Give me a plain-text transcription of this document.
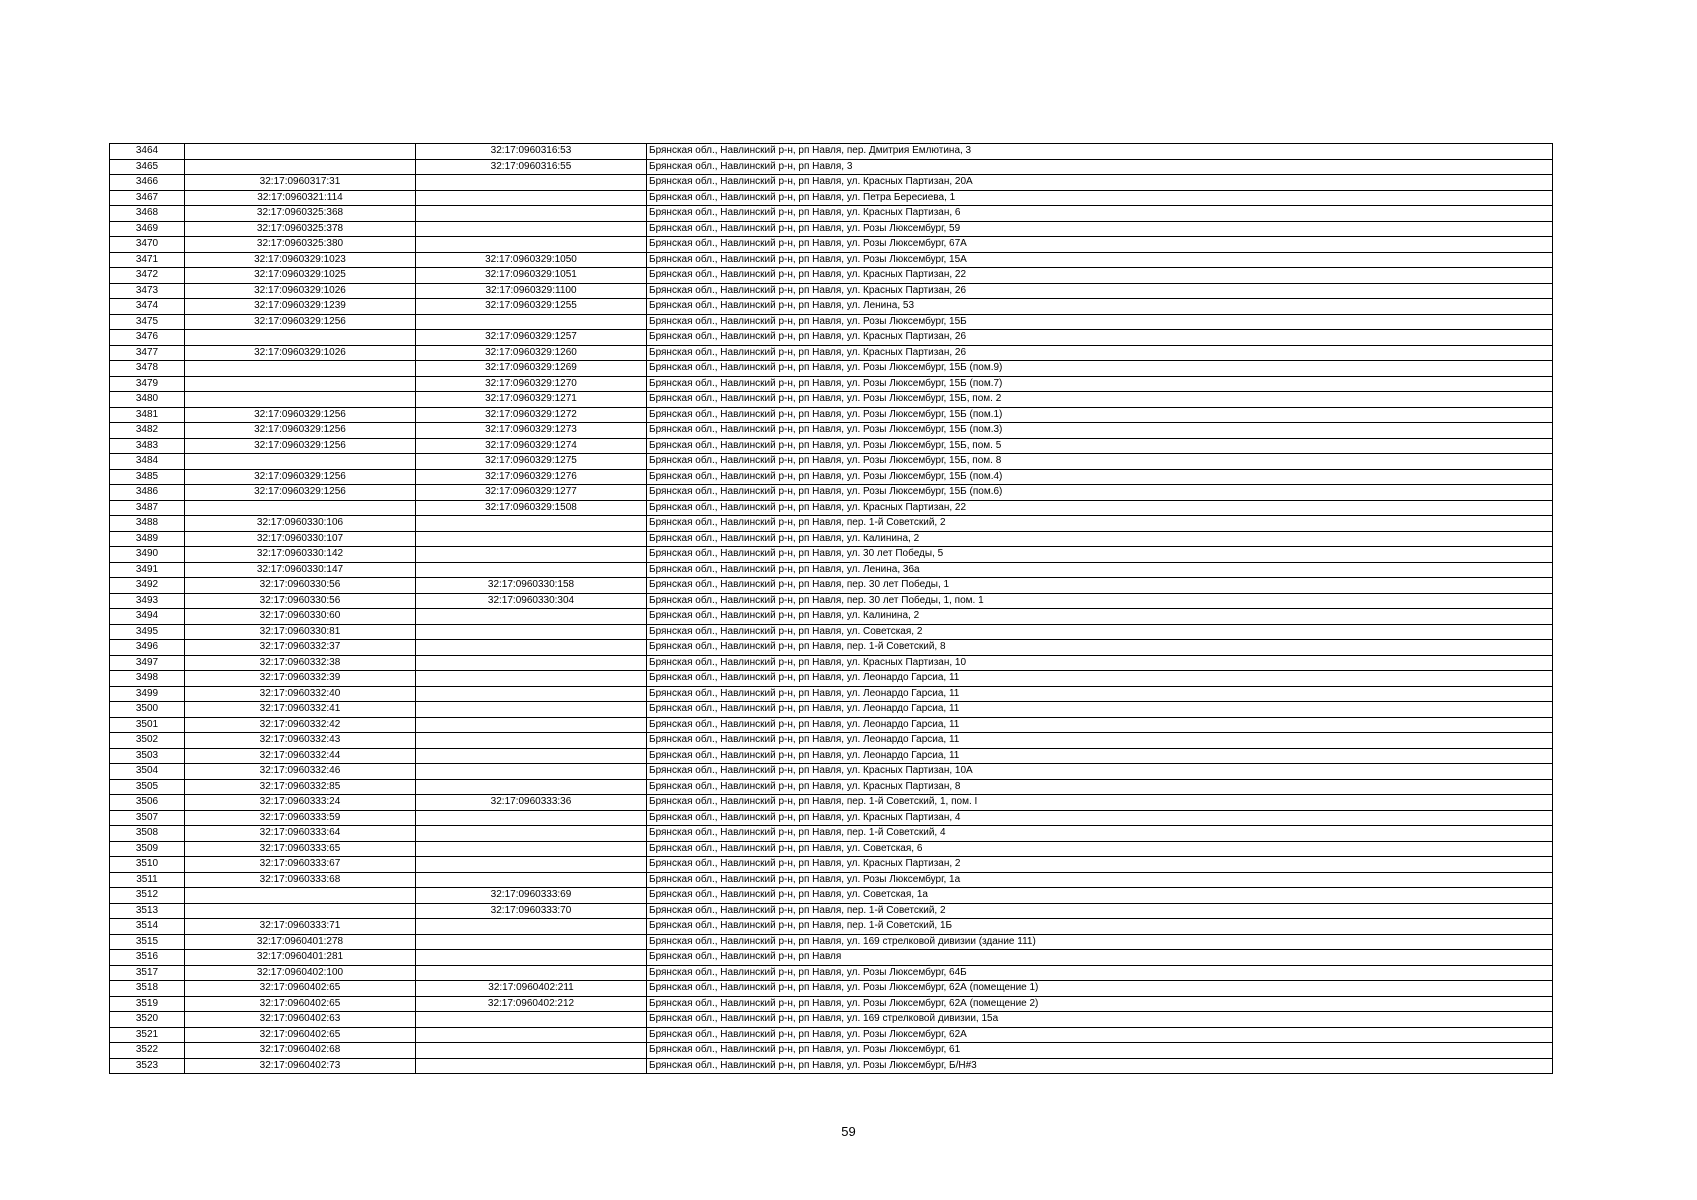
3464		32:17:0960316:53	Брянская обл., Навлинский р-н, рп Навля, пер. Дмитрия Емлютина, 3
3465		32:17:0960316:55	Брянская обл., Навлинский р-н, рп Навля, 3
3466	32:17:0960317:31		Брянская обл., Навлинский р-н, рп Навля, ул. Красных Партизан, 20А
3467	32:17:0960321:114		Брянская обл., Навлинский р-н, рп Навля, ул. Петра Бересиева, 1
3468	32:17:0960325:368		Брянская обл., Навлинский р-н, рп Навля, ул. Красных Партизан, 6
3469	32:17:0960325:378		Брянская обл., Навлинский р-н, рп Навля, ул. Розы Люксембург, 59
3470	32:17:0960325:380		Брянская обл., Навлинский р-н, рп Навля, ул. Розы Люксембург, 67А
3471	32:17:0960329:1023	32:17:0960329:1050	Брянская обл., Навлинский р-н, рп Навля, ул. Розы Люксембург, 15А
3472	32:17:0960329:1025	32:17:0960329:1051	Брянская обл., Навлинский р-н, рп Навля, ул. Красных Партизан, 22
3473	32:17:0960329:1026	32:17:0960329:1100	Брянская обл., Навлинский р-н, рп Навля, ул. Красных Партизан, 26
3474	32:17:0960329:1239	32:17:0960329:1255	Брянская обл., Навлинский р-н, рп Навля, ул. Ленина, 53
3475	32:17:0960329:1256		Брянская обл., Навлинский р-н, рп Навля, ул. Розы Люксембург, 15Б
3476		32:17:0960329:1257	Брянская обл., Навлинский р-н, рп Навля, ул. Красных Партизан, 26
3477	32:17:0960329:1026	32:17:0960329:1260	Брянская обл., Навлинский р-н, рп Навля, ул. Красных Партизан, 26
3478		32:17:0960329:1269	Брянская обл., Навлинский р-н, рп Навля, ул. Розы Люксембург, 15Б (пом.9)
3479		32:17:0960329:1270	Брянская обл., Навлинский р-н, рп Навля, ул. Розы Люксембург, 15Б (пом.7)
3480		32:17:0960329:1271	Брянская обл., Навлинский р-н, рп Навля, ул. Розы Люксембург, 15Б, пом. 2
3481	32:17:0960329:1256	32:17:0960329:1272	Брянская обл., Навлинский р-н, рп Навля, ул. Розы Люксембург, 15Б (пом.1)
3482	32:17:0960329:1256	32:17:0960329:1273	Брянская обл., Навлинский р-н, рп Навля, ул. Розы Люксембург, 15Б (пом.3)
3483	32:17:0960329:1256	32:17:0960329:1274	Брянская обл., Навлинский р-н, рп Навля, ул. Розы Люксембург, 15Б, пом. 5
3484		32:17:0960329:1275	Брянская обл., Навлинский р-н, рп Навля, ул. Розы Люксембург, 15Б, пом. 8
3485	32:17:0960329:1256	32:17:0960329:1276	Брянская обл., Навлинский р-н, рп Навля, ул. Розы Люксембург, 15Б (пом.4)
3486	32:17:0960329:1256	32:17:0960329:1277	Брянская обл., Навлинский р-н, рп Навля, ул. Розы Люксембург, 15Б (пом.6)
3487		32:17:0960329:1508	Брянская обл., Навлинский р-н, рп Навля, ул. Красных Партизан, 22
3488	32:17:0960330:106		Брянская обл., Навлинский р-н, рп Навля, пер. 1-й Советский, 2
3489	32:17:0960330:107		Брянская обл., Навлинский р-н, рп Навля, ул. Калинина, 2
3490	32:17:0960330:142		Брянская обл., Навлинский р-н, рп Навля, ул. 30 лет Победы, 5
3491	32:17:0960330:147		Брянская обл., Навлинский р-н, рп Навля, ул. Ленина, 36а
3492	32:17:0960330:56	32:17:0960330:158	Брянская обл., Навлинский р-н, рп Навля, пер. 30 лет Победы, 1
3493	32:17:0960330:56	32:17:0960330:304	Брянская обл., Навлинский р-н, рп Навля, пер. 30 лет Победы, 1, пом. 1
3494	32:17:0960330:60		Брянская обл., Навлинский р-н, рп Навля, ул. Калинина, 2
3495	32:17:0960330:81		Брянская обл., Навлинский р-н, рп Навля, ул. Советская, 2
3496	32:17:0960332:37		Брянская обл., Навлинский р-н, рп Навля, пер. 1-й Советский, 8
3497	32:17:0960332:38		Брянская обл., Навлинский р-н, рп Навля, ул. Красных Партизан, 10
3498	32:17:0960332:39		Брянская обл., Навлинский р-н, рп Навля, ул. Леонардо Гарсиа, 11
3499	32:17:0960332:40		Брянская обл., Навлинский р-н, рп Навля, ул. Леонардо Гарсиа, 11
3500	32:17:0960332:41		Брянская обл., Навлинский р-н, рп Навля, ул. Леонардо Гарсиа, 11
3501	32:17:0960332:42		Брянская обл., Навлинский р-н, рп Навля, ул. Леонардо Гарсиа, 11
3502	32:17:0960332:43		Брянская обл., Навлинский р-н, рп Навля, ул. Леонардо Гарсиа, 11
3503	32:17:0960332:44		Брянская обл., Навлинский р-н, рп Навля, ул. Леонардо Гарсиа, 11
3504	32:17:0960332:46		Брянская обл., Навлинский р-н, рп Навля, ул. Красных Партизан, 10А
3505	32:17:0960332:85		Брянская обл., Навлинский р-н, рп Навля, ул. Красных Партизан, 8
3506	32:17:0960333:24	32:17:0960333:36	Брянская обл., Навлинский р-н, рп Навля, пер. 1-й Советский, 1, пом. I
3507	32:17:0960333:59		Брянская обл., Навлинский р-н, рп Навля, ул. Красных Партизан, 4
3508	32:17:0960333:64		Брянская обл., Навлинский р-н, рп Навля, пер. 1-й Советский, 4
3509	32:17:0960333:65		Брянская обл., Навлинский р-н, рп Навля, ул. Советская, 6
3510	32:17:0960333:67		Брянская обл., Навлинский р-н, рп Навля, ул. Красных Партизан, 2
3511	32:17:0960333:68		Брянская обл., Навлинский р-н, рп Навля, ул. Розы Люксембург, 1а
3512		32:17:0960333:69	Брянская обл., Навлинский р-н, рп Навля, ул. Советская, 1а
3513		32:17:0960333:70	Брянская обл., Навлинский р-н, рп Навля, пер. 1-й Советский, 2
3514	32:17:0960333:71		Брянская обл., Навлинский р-н, рп Навля, пер. 1-й Советский, 1Б
3515	32:17:0960401:278		Брянская обл., Навлинский р-н, рп Навля, ул. 169 стрелковой дивизии (здание 111)
3516	32:17:0960401:281		Брянская обл., Навлинский р-н, рп Навля
3517	32:17:0960402:100		Брянская обл., Навлинский р-н, рп Навля, ул. Розы Люксембург, 64Б
3518	32:17:0960402:65	32:17:0960402:211	Брянская обл., Навлинский р-н, рп Навля, ул. Розы Люксембург, 62А (помещение 1)
3519	32:17:0960402:65	32:17:0960402:212	Брянская обл., Навлинский р-н, рп Навля, ул. Розы Люксембург, 62А (помещение 2)
3520	32:17:0960402:63		Брянская обл., Навлинский р-н, рп Навля, ул. 169 стрелковой дивизии, 15а
3521	32:17:0960402:65		Брянская обл., Навлинский р-н, рп Навля, ул. Розы Люксембург, 62А
3522	32:17:0960402:68		Брянская обл., Навлинский р-н, рп Навля, ул. Розы Люксембург, 61
3523	32:17:0960402:73		Брянская обл., Навлинский р-н, рп Навля, ул. Розы Люксембург, Б/Н#3
59
